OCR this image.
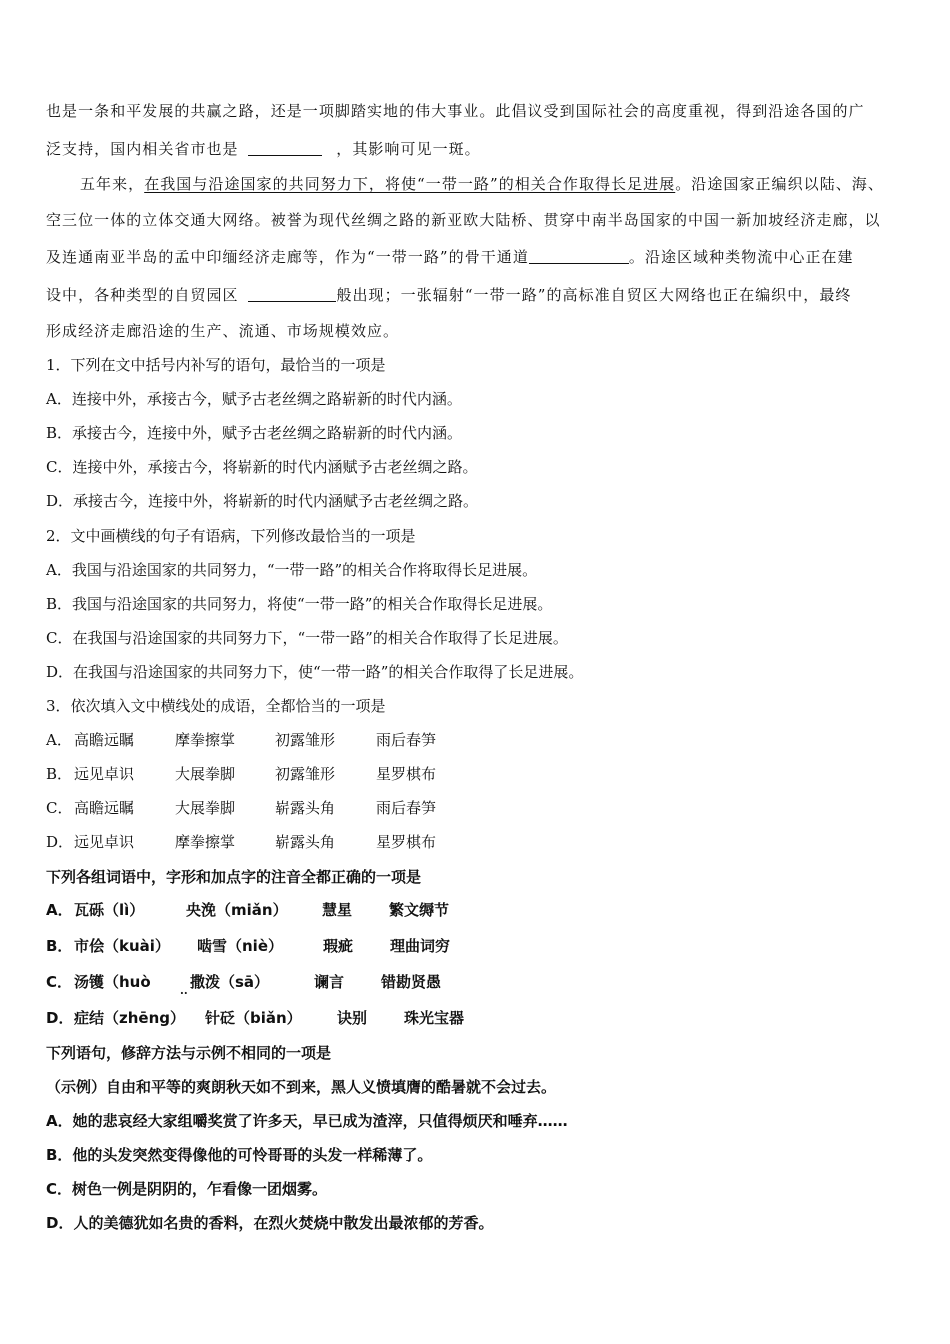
也是一条和平发展的共赢之路，还是一项脚踏实地的伟大事业。此倡议受到国际社会的高度重视，得到沿途各国的广
泛支持，国内相关省市也是	，其影响可见一斑。
五年来，在我国与沿途国家的共同努力下，将使“一带一路”的相关合作取得长足进展。沿途国家正编织以陆、海、
空三位一体的立体交通大网络。被誉为现代丝绸之路的新亚欧大陆桥、贯穿中南半岛国家的中国一新加坡经济走廊，以
及连通南亚半岛的孟中印缅经济走廊等，作为“一带一路”的骨干通道	。沿途区域种类物流中心正在建
设中，各种类型的自贸园区	般出现；一张辐射“一带一路”的高标准自贸区大网络也正在编织中，最终
形成经济走廊沿途的生产、流通、市场规模效应。
1．下列在文中括号内补写的语句，最恰当的一项是
A．连接中外，承接古今，赋予古老丝绸之路崭新的时代内涵。
B．承接古今，连接中外，赋予古老丝绸之路崭新的时代内涵。
C．连接中外，承接古今，将崭新的时代内涵赋予古老丝绸之路。
D．承接古今，连接中外，将崭新的时代内涵赋予古老丝绸之路。
2．文中画横线的句子有语病，下列修改最恰当的一项是
A．我国与沿途国家的共同努力，“一带一路”的相关合作将取得长足进展。
B．我国与沿途国家的共同努力，将使“一带一路”的相关合作取得长足进展。
C．在我国与沿途国家的共同努力下，“一带一路”的相关合作取得了长足进展。
D．在我国与沿途国家的共同努力下，使“一带一路”的相关合作取得了长足进展。
3．依次填入文中横线处的成语，全都恰当的一项是
A． 高瞻远瞩	摩拳擦掌	初露雏形	雨后春笋
B． 远见卓识	大展拳脚	初露雏形	星罗棋布
C． 高瞻远瞩	大展拳脚	崭露头角	雨后春笋
D． 远见卓识	摩拳擦掌	崭露头角	星罗棋布
下列各组词语中，字形和加点字的注音全都正确的一项是
A． 瓦砾（lì）	央浼（miǎn） 慧星 繁文缛节
B． 市侩（kuài） 啮雪（niè）	瑕疵 理曲词穷
C． 汤镬（huò	.. 撒泼（sā）	谰言 错勘贤愚
D． 症结（zhēng） 针砭（biǎn） 诀别 珠光宝器
下列语句，修辞方法与示例不相同的一项是
（示例）自由和平等的爽朗秋天如不到来，黑人义愤填膺的酷暑就不会过去。
A．她的悲哀经大家组嚼奖赏了许多天，早已成为渣滓，只值得烦厌和唾弃……
B．他的头发突然变得像他的可怜哥哥的头发一样稀薄了。
C．树色一例是阴阴的，乍看像一团烟雾。
D．人的美德犹如名贵的香料，在烈火焚烧中散发出最浓郁的芳香。
